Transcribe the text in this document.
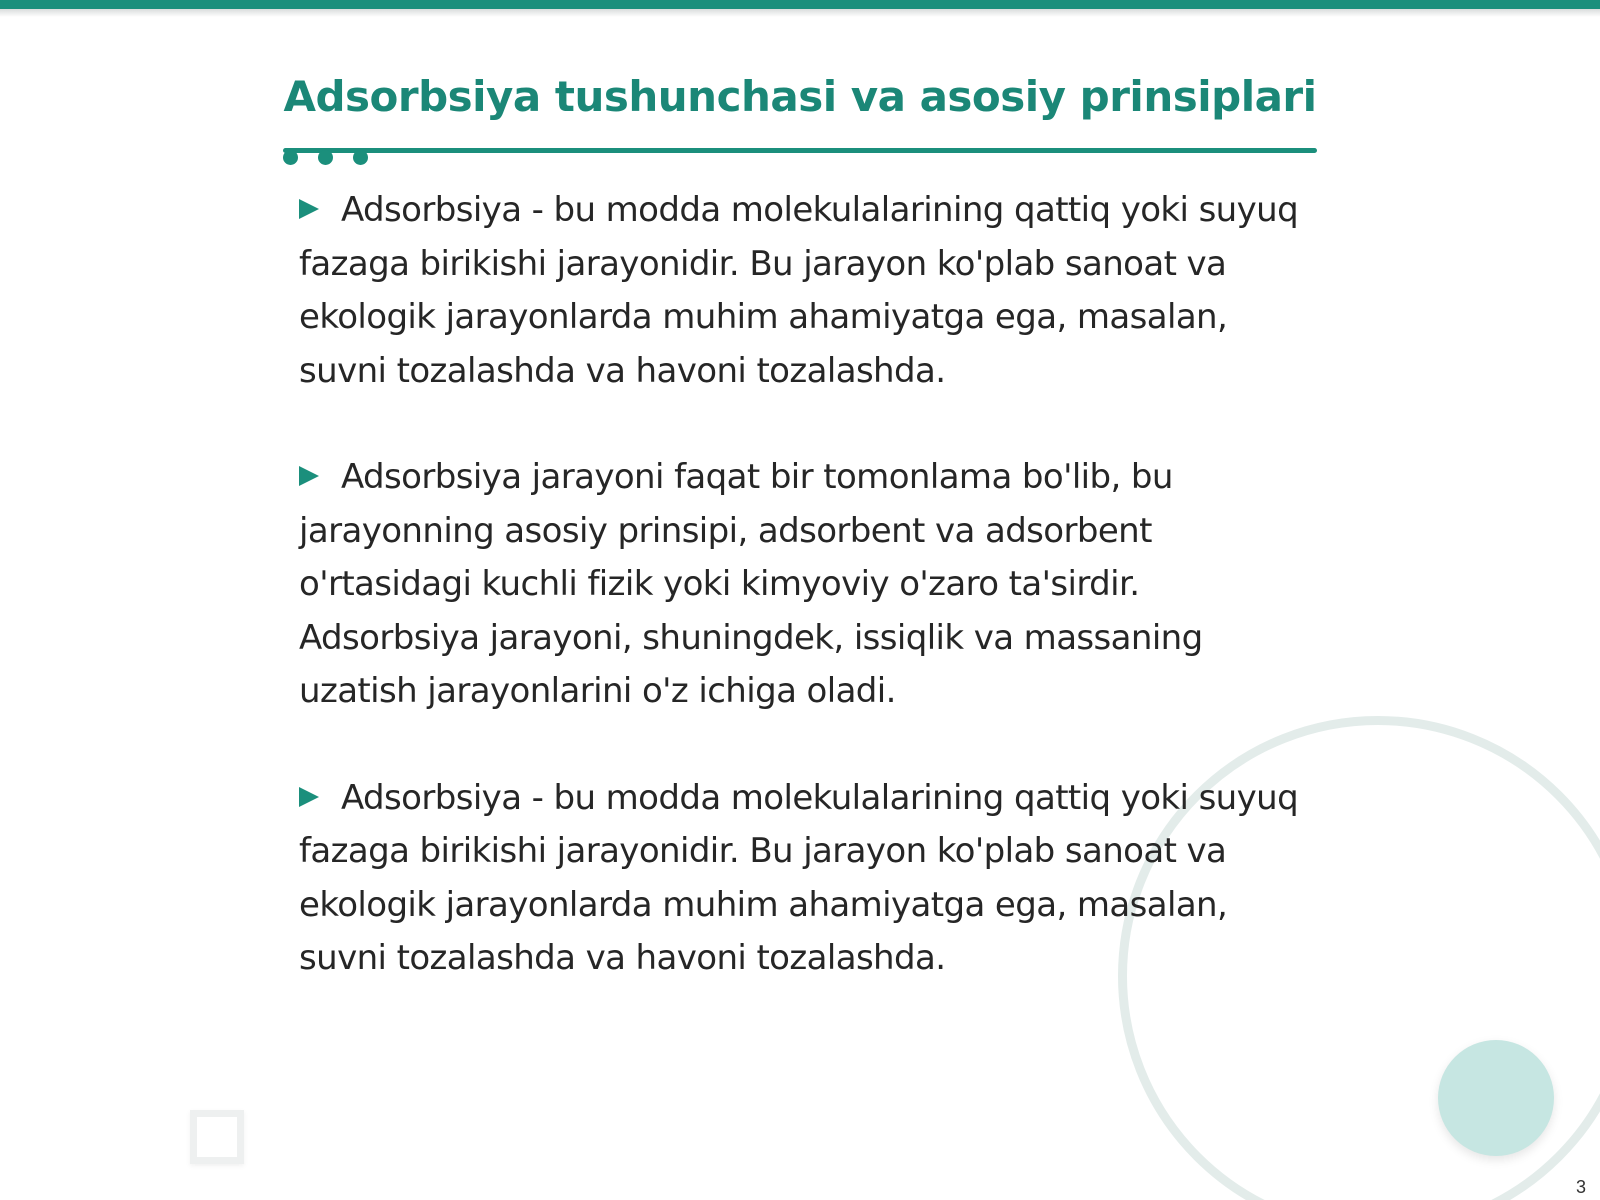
Adsorbsiya tushunchasi va asosiy prinsiplari

Adsorbsiya - bu modda molekulalarining qattiq yoki suyuq fazaga birikishi jarayonidir. Bu jarayon ko'plab sanoat va ekologik jarayonlarda muhim ahamiyatga ega, masalan, suvni tozalashda va havoni tozalashda.

Adsorbsiya jarayoni faqat bir tomonlama bo'lib, bu jarayonning asosiy prinsipi, adsorbent va adsorbent o'rtasidagi kuchli fizik yoki kimyoviy o'zaro ta'sirdir. Adsorbsiya jarayoni, shuningdek, issiqlik va massaning uzatish jarayonlarini o'z ichiga oladi.

Adsorbsiya - bu modda molekulalarining qattiq yoki suyuq fazaga birikishi jarayonidir. Bu jarayon ko'plab sanoat va ekologik jarayonlarda muhim ahamiyatga ega, masalan, suvni tozalashda va havoni tozalashda.

3
